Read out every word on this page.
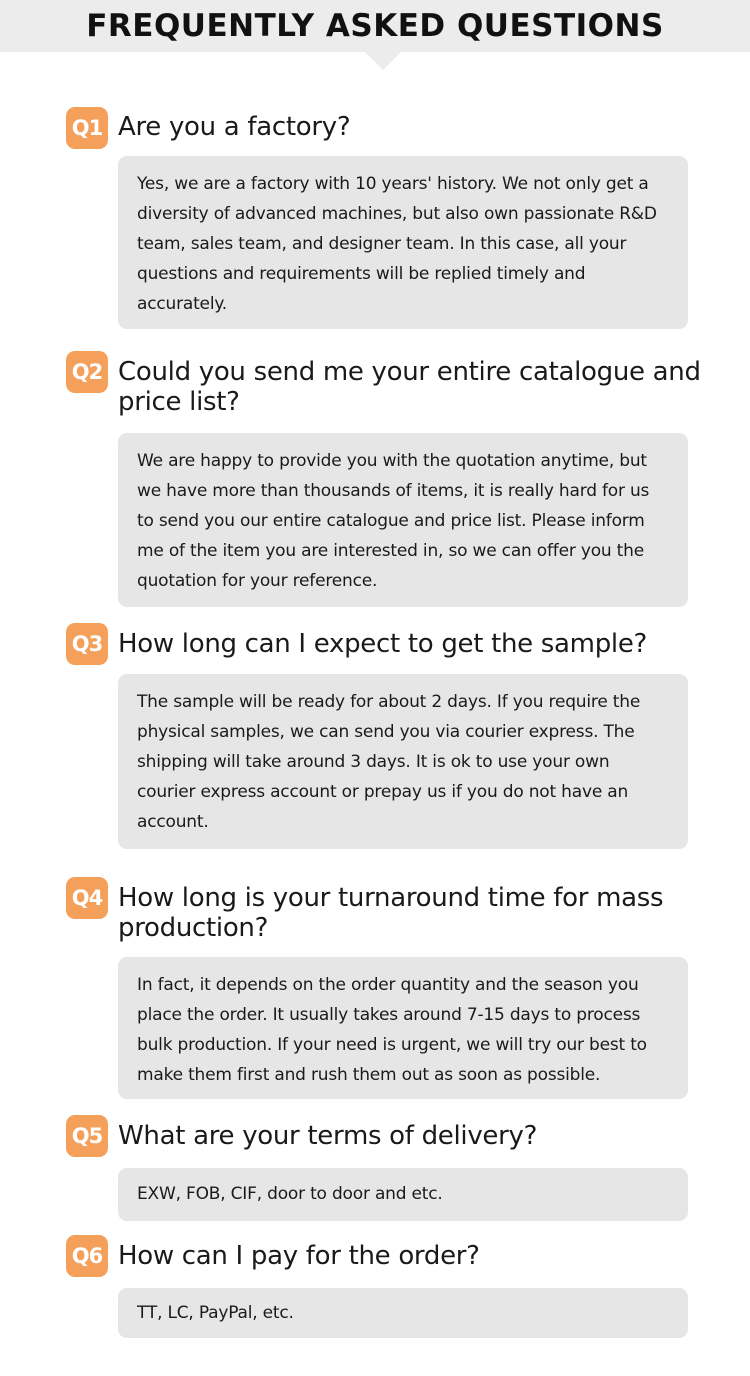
FREQUENTLY ASKED QUESTIONS
Q1 Are you a factory?
Yes, we are a factory with 10 years' history. We not only get a diversity of advanced machines, but also own passionate R&D team, sales team, and designer team. In this case, all your questions and requirements will be replied timely and accurately.
Q2 Could you send me your entire catalogue and price list?
We are happy to provide you with the quotation anytime, but we have more than thousands of items, it is really hard for us to send you our entire catalogue and price list. Please inform me of the item you are interested in, so we can offer you the quotation for your reference.
Q3 How long can I expect to get the sample?
The sample will be ready for about 2 days. If you require the physical samples, we can send you via courier express. The shipping will take around 3 days. It is ok to use your own courier express account or prepay us if you do not have an account.
Q4 How long is your turnaround time for mass production?
In fact, it depends on the order quantity and the season you place the order. It usually takes around 7-15 days to process bulk production. If your need is urgent, we will try our best to make them first and rush them out as soon as possible.
Q5 What are your terms of delivery?
EXW, FOB, CIF, door to door and etc.
Q6 How can I pay for the order?
TT, LC, PayPal, etc.
